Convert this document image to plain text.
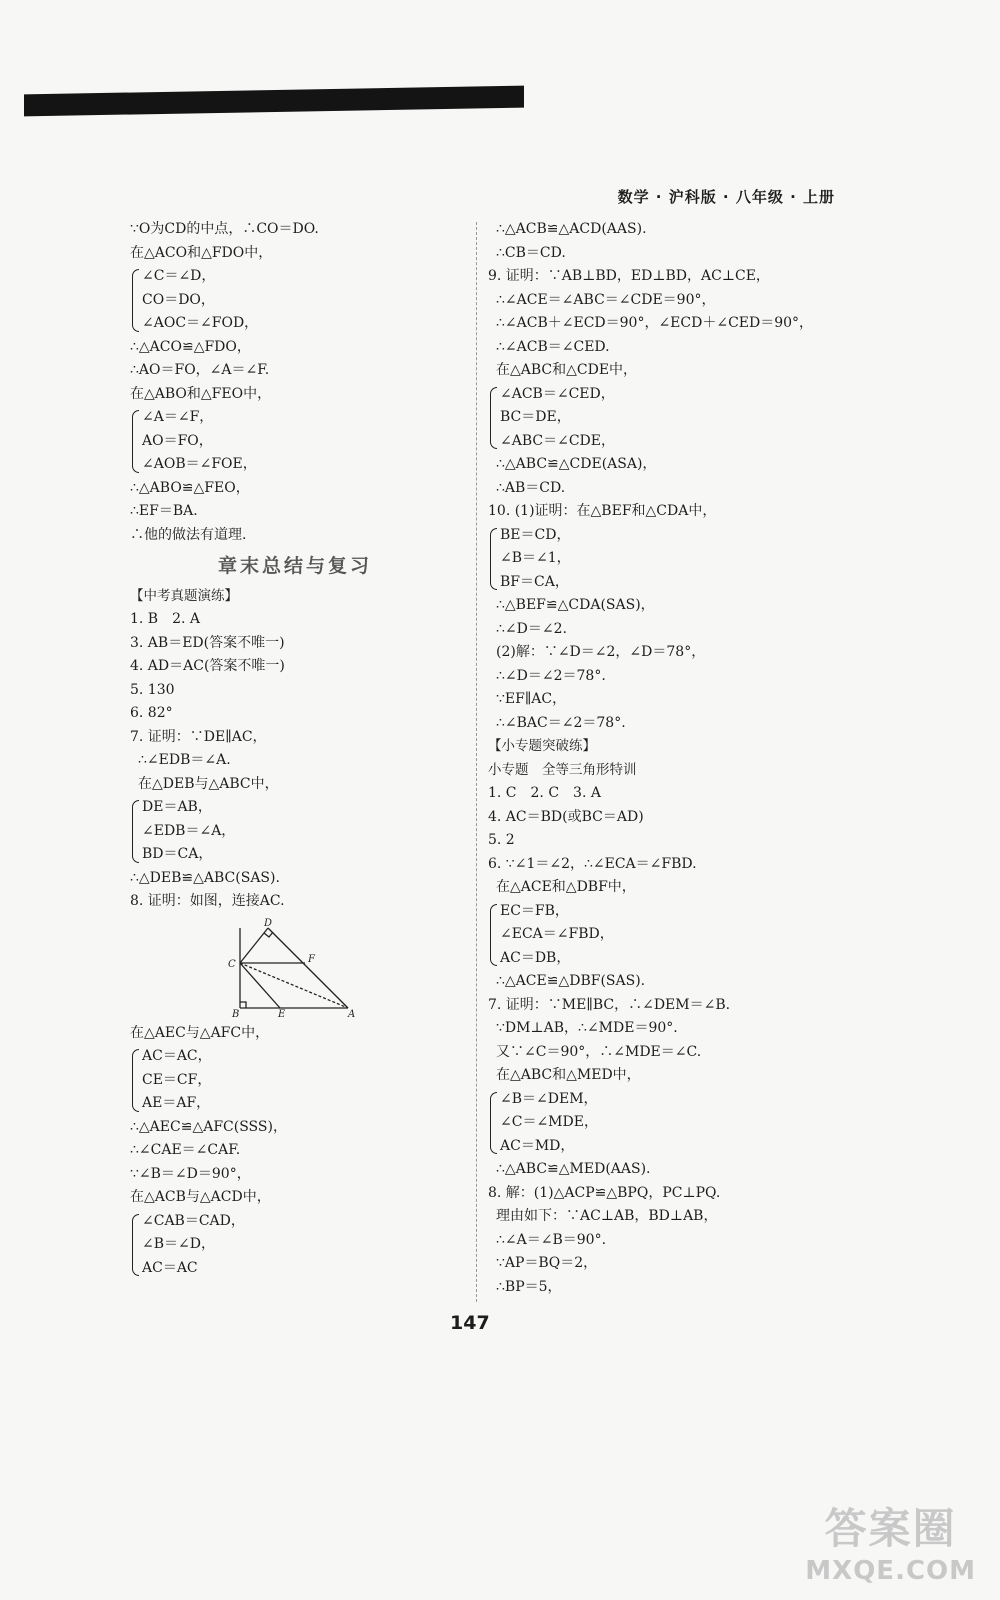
数学 · 沪科版 · 八年级 · 上册
∵O为CD的中点，∴CO＝DO.
在△ACO和△FDO中，
∠C＝∠D，
CO＝DO，
∠AOC＝∠FOD，
∴△ACO≌△FDO，
∴AO＝FO，∠A＝∠F.
在△ABO和△FEO中，
∠A＝∠F，
AO＝FO，
∠AOB＝∠FOE，
∴△ABO≌△FEO，
∴EF＝BA.
∴他的做法有道理.
章末总结与复习
【中考真题演练】
1. B　2. A
3. AB＝ED(答案不唯一)
4. AD＝AC(答案不唯一)
5. 130
6. 82°
7. 证明：∵DE∥AC，
∴∠EDB＝∠A.
在△DEB与△ABC中，
DE＝AB，
∠EDB＝∠A，
BD＝CA，
∴△DEB≌△ABC(SAS).
8. 证明：如图，连接AC.
D
C	F
B	E	A
在△AEC与△AFC中，
AC＝AC，
CE＝CF，
AE＝AF，
∴△AEC≌△AFC(SSS)，
∴∠CAE＝∠CAF.
∵∠B＝∠D＝90°，
在△ACB与△ACD中，
∠CAB＝CAD，
∠B＝∠D，
AC＝AC
∴△ACB≌△ACD(AAS).
∴CB＝CD.
9. 证明：∵AB⊥BD，ED⊥BD，AC⊥CE，
∴∠ACE＝∠ABC＝∠CDE＝90°，
∴∠ACB＋∠ECD＝90°，∠ECD＋∠CED＝90°，
∴∠ACB＝∠CED.
在△ABC和△CDE中，
∠ACB＝∠CED，
BC＝DE，
∠ABC＝∠CDE，
∴△ABC≌△CDE(ASA)，
∴AB＝CD.
10. (1)证明：在△BEF和△CDA中，
BE＝CD，
∠B＝∠1，
BF＝CA，
∴△BEF≌△CDA(SAS)，
∴∠D＝∠2.
(2)解：∵∠D＝∠2，∠D＝78°，
∴∠D＝∠2＝78°.
∵EF∥AC，
∴∠BAC＝∠2＝78°.
【小专题突破练】
小专题　全等三角形特训
1. C　2. C　3. A
4. AC＝BD(或BC＝AD)
5. 2
6. ∵∠1＝∠2，∴∠ECA＝∠FBD.
在△ACE和△DBF中，
EC＝FB，
∠ECA＝∠FBD，
AC＝DB，
∴△ACE≌△DBF(SAS).
7. 证明：∵ME∥BC，∴∠DEM＝∠B.
∵DM⊥AB，∴∠MDE＝90°.
又∵∠C＝90°，∴∠MDE＝∠C.
在△ABC和△MED中，
∠B＝∠DEM，
∠C＝∠MDE，
AC＝MD，
∴△ABC≌△MED(AAS).
8. 解：(1)△ACP≌△BPQ，PC⊥PQ.
理由如下：∵AC⊥AB，BD⊥AB，
∴∠A＝∠B＝90°.
∵AP＝BQ＝2，
∴BP＝5，
147
答案圈
MXQE.COM
